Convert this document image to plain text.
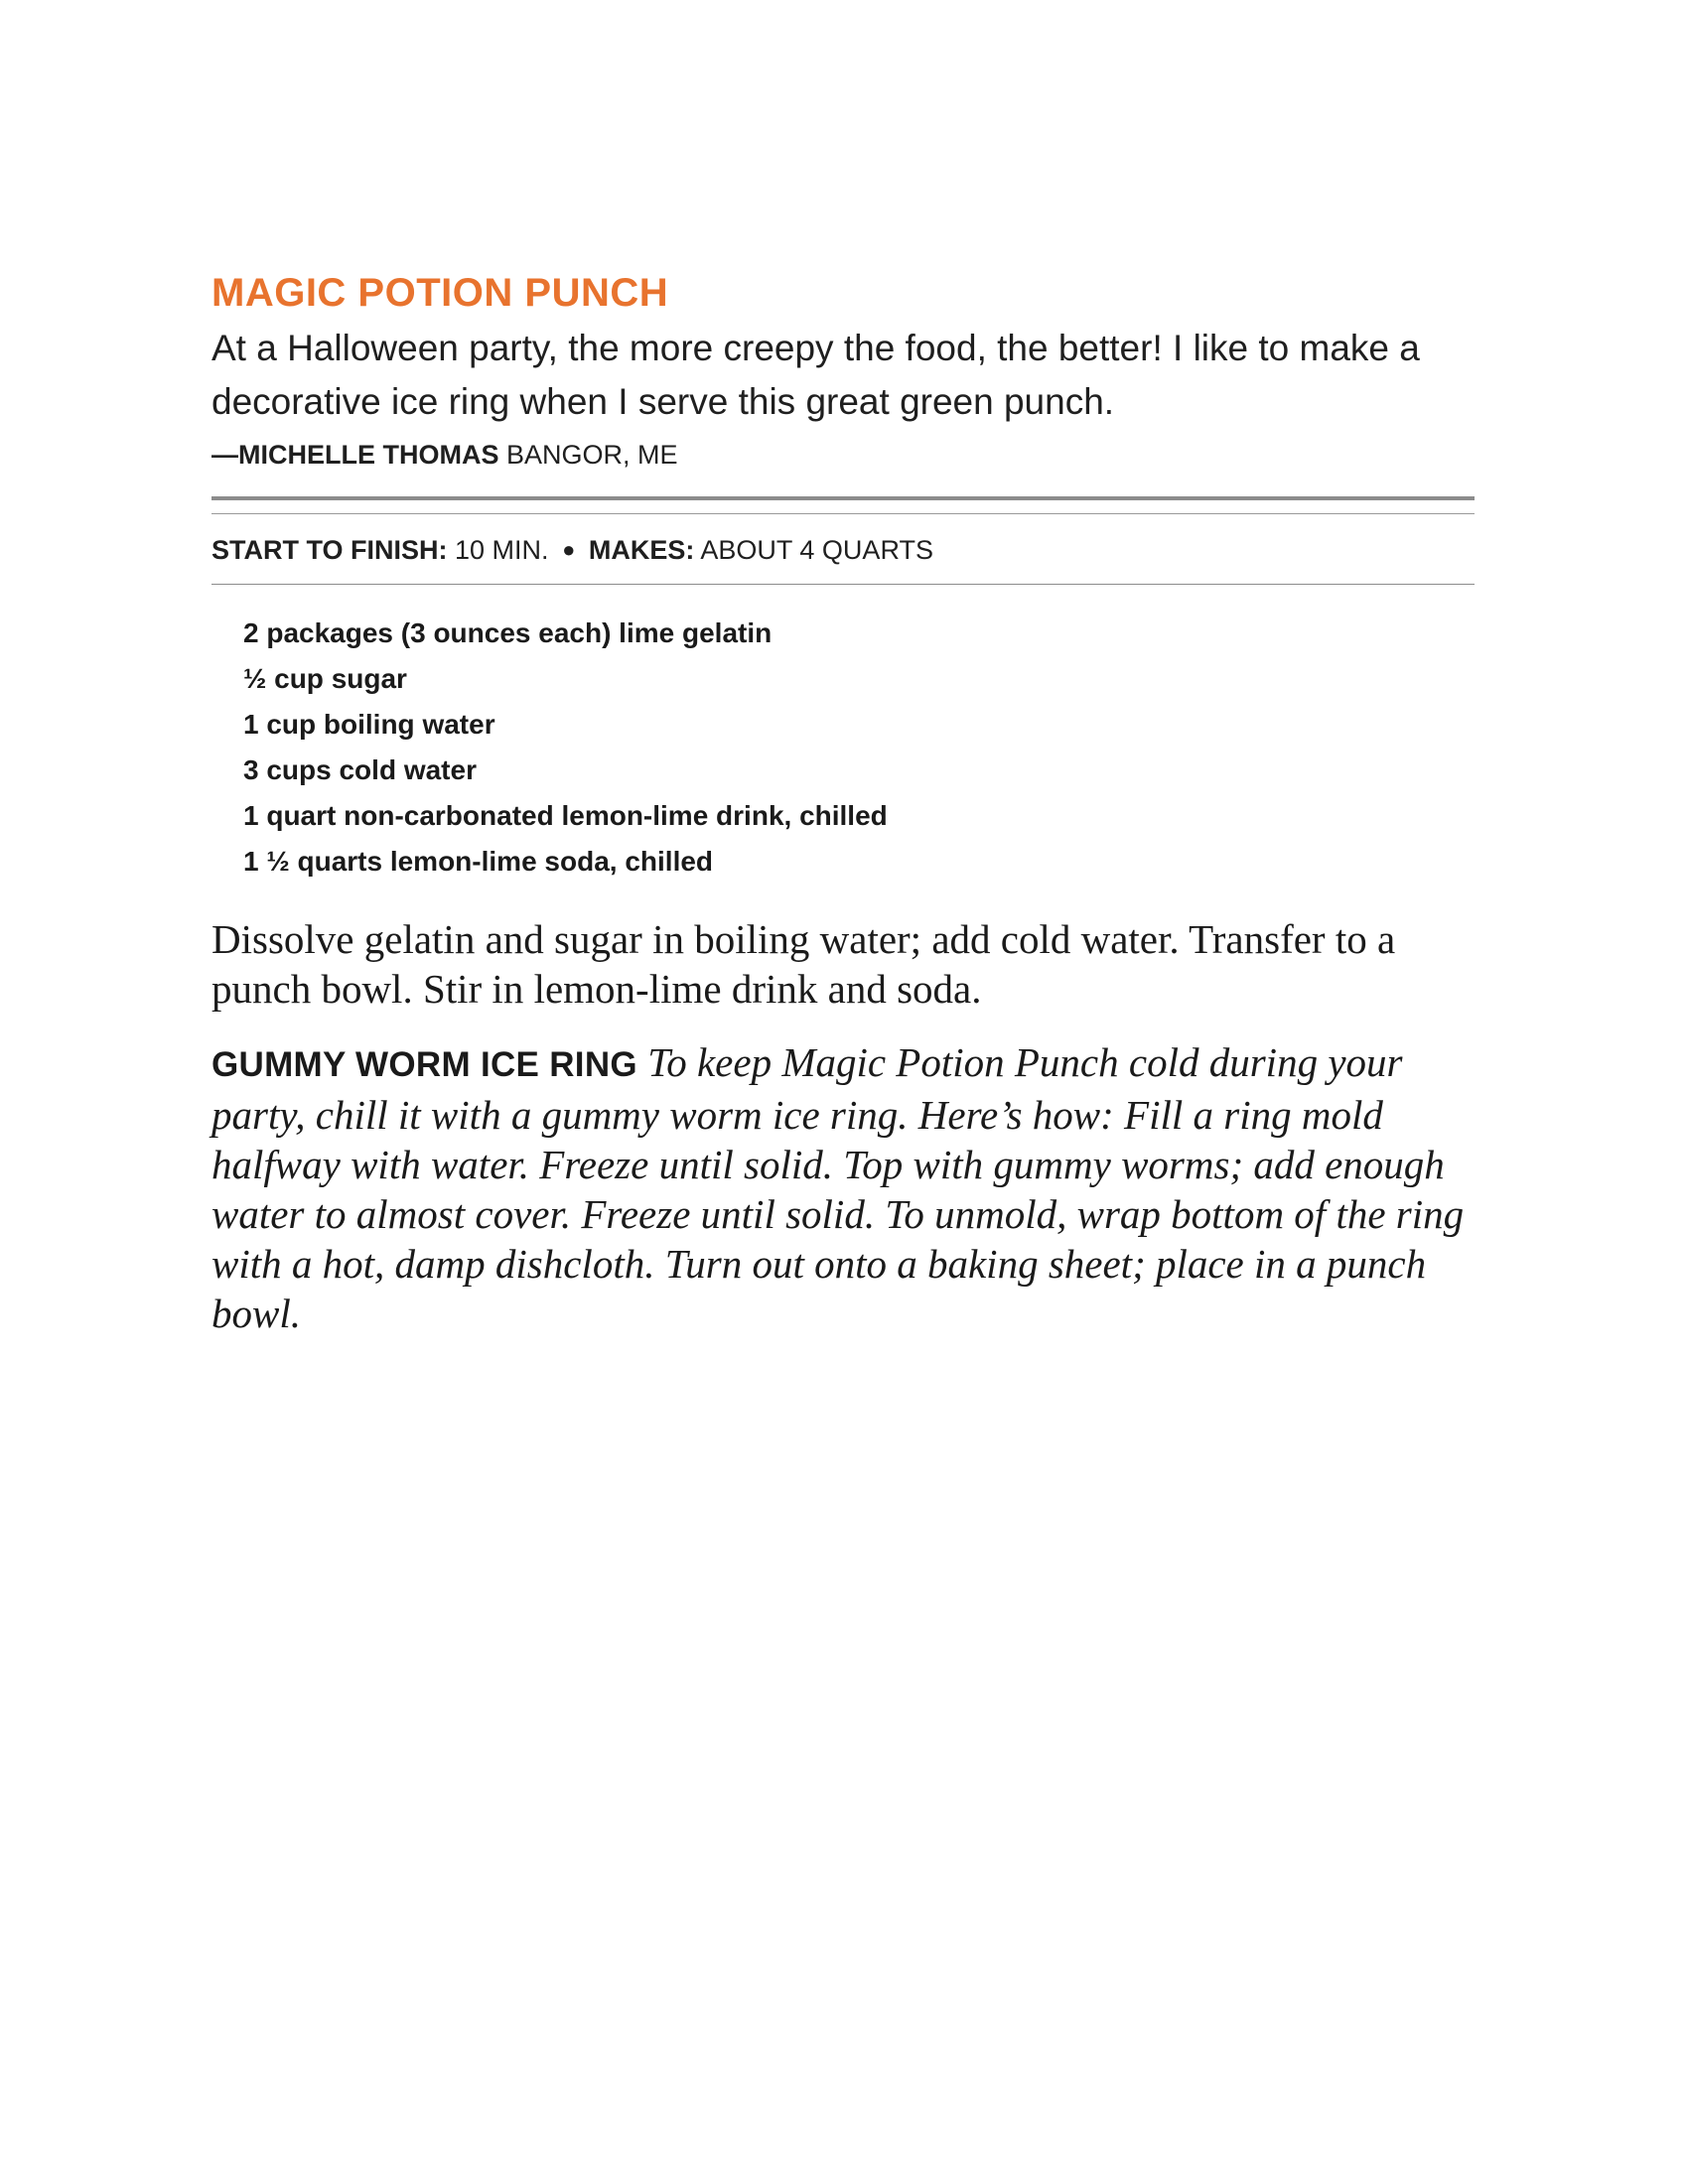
MAGIC POTION PUNCH

At a Halloween party, the more creepy the food, the better! I like to make a decorative ice ring when I serve this great green punch.

—MICHELLE THOMAS BANGOR, ME
START TO FINISH: 10 MIN. ● MAKES: ABOUT 4 QUARTS
2 packages (3 ounces each) lime gelatin
½ cup sugar
1 cup boiling water
3 cups cold water
1 quart non-carbonated lemon-lime drink, chilled
1 ½ quarts lemon-lime soda, chilled

Dissolve gelatin and sugar in boiling water; add cold water. Transfer to a punch bowl. Stir in lemon-lime drink and soda.

GUMMY WORM ICE RING To keep Magic Potion Punch cold during your party, chill it with a gummy worm ice ring. Here’s how: Fill a ring mold halfway with water. Freeze until solid. Top with gummy worms; add enough water to almost cover. Freeze until solid. To unmold, wrap bottom of the ring with a hot, damp dishcloth. Turn out onto a baking sheet; place in a punch bowl.
